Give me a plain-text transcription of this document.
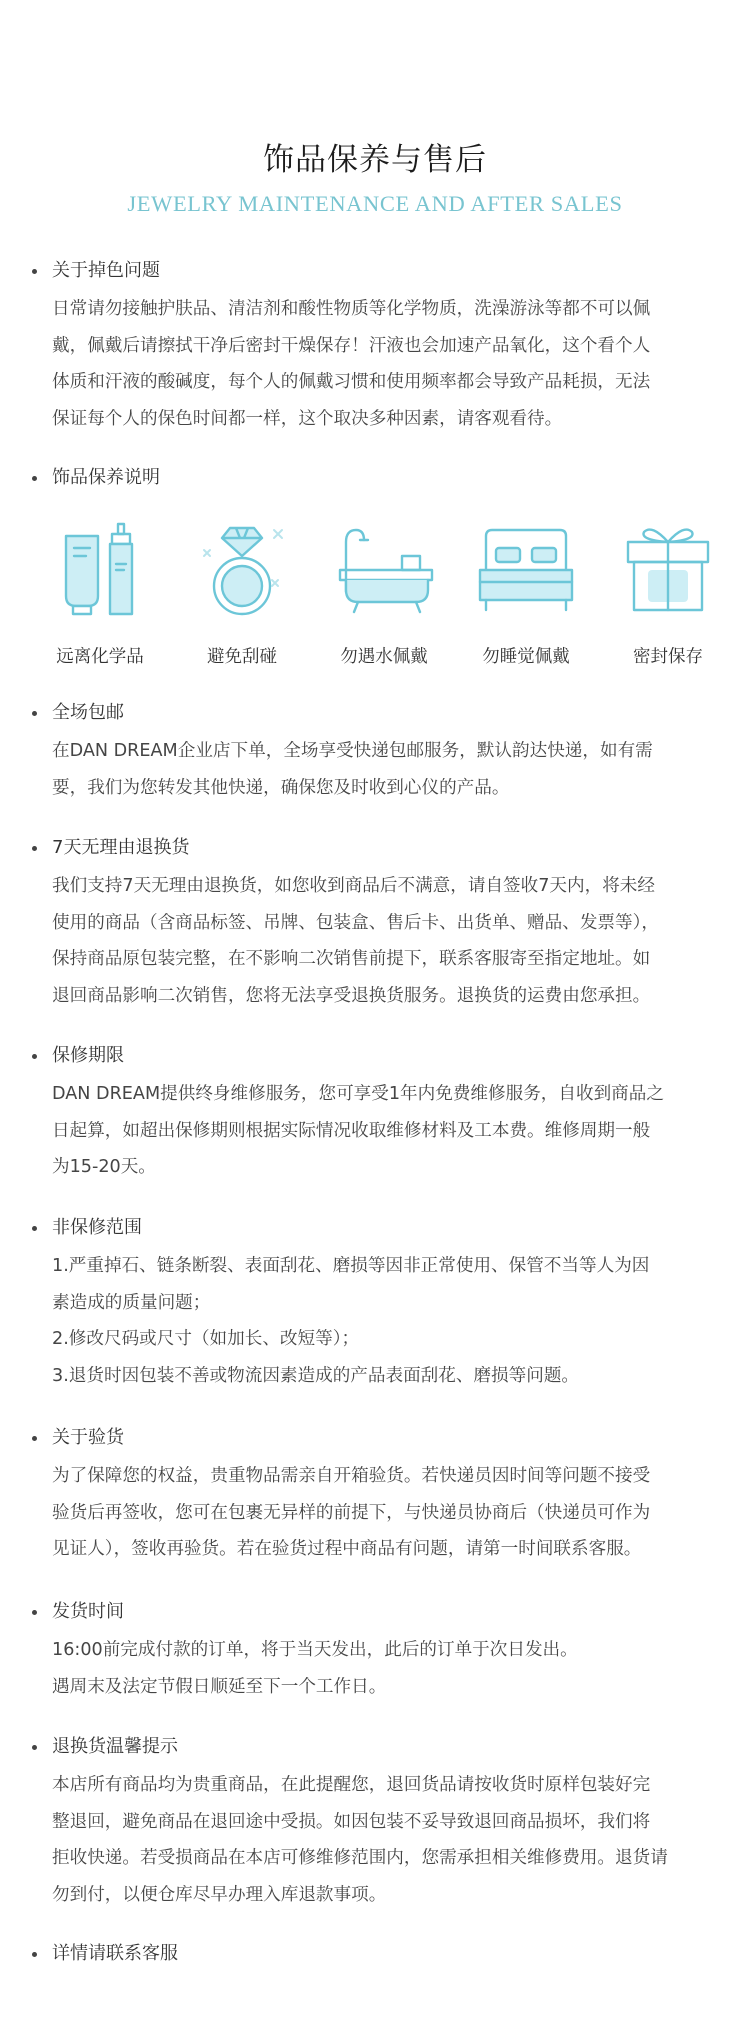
饰品保养与售后
JEWELRY MAINTENANCE AND AFTER SALES
关于掉色问题
日常请勿接触护肤品、清洁剂和酸性物质等化学物质，洗澡游泳等都不可以佩
戴，佩戴后请擦拭干净后密封干燥保存！汗液也会加速产品氧化，这个看个人
体质和汗液的酸碱度，每个人的佩戴习惯和使用频率都会导致产品耗损，无法
保证每个人的保色时间都一样，这个取决多种因素，请客观看待。
饰品保养说明
远离化学品	避免刮碰	勿遇水佩戴	勿睡觉佩戴	密封保存
全场包邮
在DAN DREAM企业店下单，全场享受快递包邮服务，默认韵达快递，如有需
要，我们为您转发其他快递，确保您及时收到心仪的产品。
7天无理由退换货
我们支持7天无理由退换货，如您收到商品后不满意，请自签收7天内，将未经
使用的商品（含商品标签、吊牌、包装盒、售后卡、出货单、赠品、发票等），
保持商品原包装完整，在不影响二次销售前提下，联系客服寄至指定地址。如
退回商品影响二次销售，您将无法享受退换货服务。退换货的运费由您承担。
保修期限
DAN DREAM提供终身维修服务，您可享受1年内免费维修服务，自收到商品之
日起算，如超出保修期则根据实际情况收取维修材料及工本费。维修周期一般
为15-20天。
非保修范围
1.严重掉石、链条断裂、表面刮花、磨损等因非正常使用、保管不当等人为因
素造成的质量问题；
2.修改尺码或尺寸（如加长、改短等）；
3.退货时因包装不善或物流因素造成的产品表面刮花、磨损等问题。
关于验货
为了保障您的权益，贵重物品需亲自开箱验货。若快递员因时间等问题不接受
验货后再签收，您可在包裹无异样的前提下，与快递员协商后（快递员可作为
见证人），签收再验货。若在验货过程中商品有问题，请第一时间联系客服。
发货时间
16:00前完成付款的订单，将于当天发出，此后的订单于次日发出。
遇周末及法定节假日顺延至下一个工作日。
退换货温馨提示
本店所有商品均为贵重商品，在此提醒您，退回货品请按收货时原样包装好完
整退回，避免商品在退回途中受损。如因包装不妥导致退回商品损坏，我们将
拒收快递。若受损商品在本店可修维修范围内，您需承担相关维修费用。退货请
勿到付，以便仓库尽早办理入库退款事项。
详情请联系客服
